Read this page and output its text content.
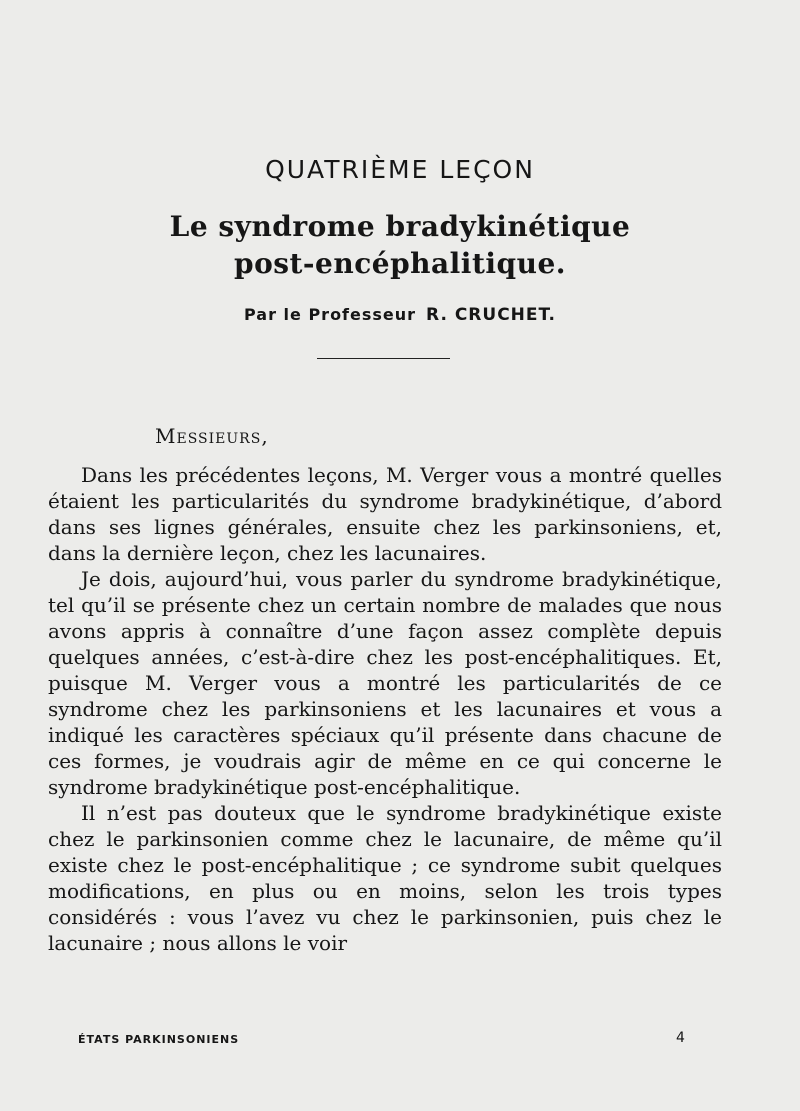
QUATRIÈME LEÇON
Le syndrome bradykinétique
post-encéphalitique.
Par le Professeur R. CRUCHET.
Messieurs,

Dans les précédentes leçons, M. Verger vous a montré quelles étaient les particularités du syndrome bradykinétique, d’abord dans ses lignes générales, ensuite chez les parkinsoniens, et, dans la dernière leçon, chez les lacunaires.

Je dois, aujourd’hui, vous parler du syndrome bradykinétique, tel qu’il se présente chez un certain nombre de malades que nous avons appris à connaître d’une façon assez complète depuis quelques années, c’est-à-dire chez les post-encéphalitiques. Et, puisque M. Verger vous a montré les particularités de ce syndrome chez les parkinsoniens et les lacunaires et vous a indiqué les caractères spéciaux qu’il présente dans chacune de ces formes, je voudrais agir de même en ce qui concerne le syndrome bradykinétique post-encéphalitique.

Il n’est pas douteux que le syndrome bradykinétique existe chez le parkinsonien comme chez le lacunaire, de même qu’il existe chez le post-encéphalitique ; ce syndrome subit quelques modifications, en plus ou en moins, selon les trois types considérés : vous l’avez vu chez le parkinsonien, puis chez le lacunaire ; nous allons le voir

ÉTATS PARKINSONIENS	4
